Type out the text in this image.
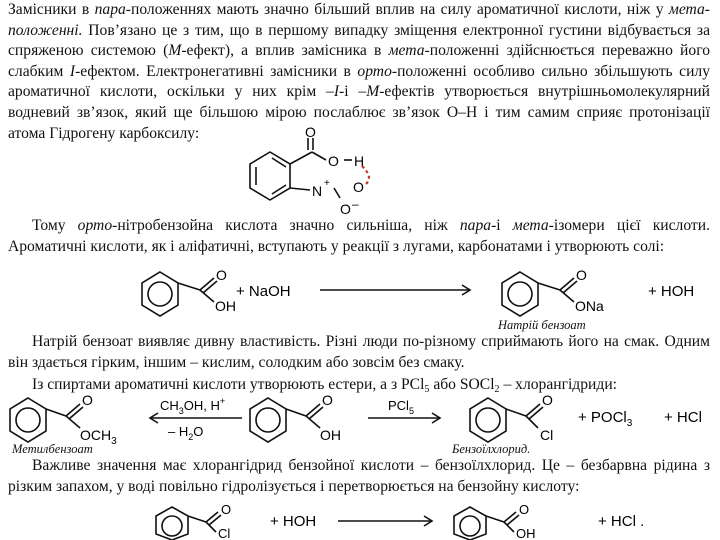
Замісники в пара-положеннях мають значно більший вплив на силу ароматичної кислоти, ніж у мета-положенні. Пов’язано це з тим, що в першому випадку зміщення електронної густини відбувається за спряженою системою (М-ефект), а вплив замісника в мета-положенні здійснюється переважно його слабким І-ефектом. Електронегативні замісники в орто-положенні особливо сильно збільшують силу ароматичної кислоти, оскільки у них крім –I-і –М-ефектів утворюється внутрішньомолекулярний водневий зв’язок, який ще більшою мірою послаблює зв’язок О–Н і тим самим сприяє протонізації атома Гідрогену карбоксилу:	O
O H
N + O
O –

Тому орто-нітробензойна кислота значно сильніша, ніж пара-і мета-ізомери цієї кислоти. Ароматичні кислоти, як і аліфатичні, вступають у реакції з лугами, карбонатами і утворюють солі:

O
OH
+ NaOH
O
ONa
+ HOH
Натрій бензоат

Натрій бензоат виявляє дивну властивість. Різні люди по-різному сприймають його на смак. Одним він здається гірким, іншим – кислим, солодким або зовсім без смаку.

Із спиртами ароматичні кислоти утворюють естери, а з PCl$_5$ або SOCl$_2$ – хлорангідриди:

O
$OCH_3$
$CH_3OH$, H+
– $H_2O$
O
OH
PCl$_5$
O
Cl
+ POCl$_3$ + HCl
Метилбензоат	Бензоїлхлорид.

Важливе значення має хлорангідрид бензойної кислоти – бензоїлхлорид. Це – безбарвна рідина з різким запахом, у воді повільно гідролізується і перетворюється на бензойну кислоту:

O
Cl
+ HOH
O
OH
+ HCl .
